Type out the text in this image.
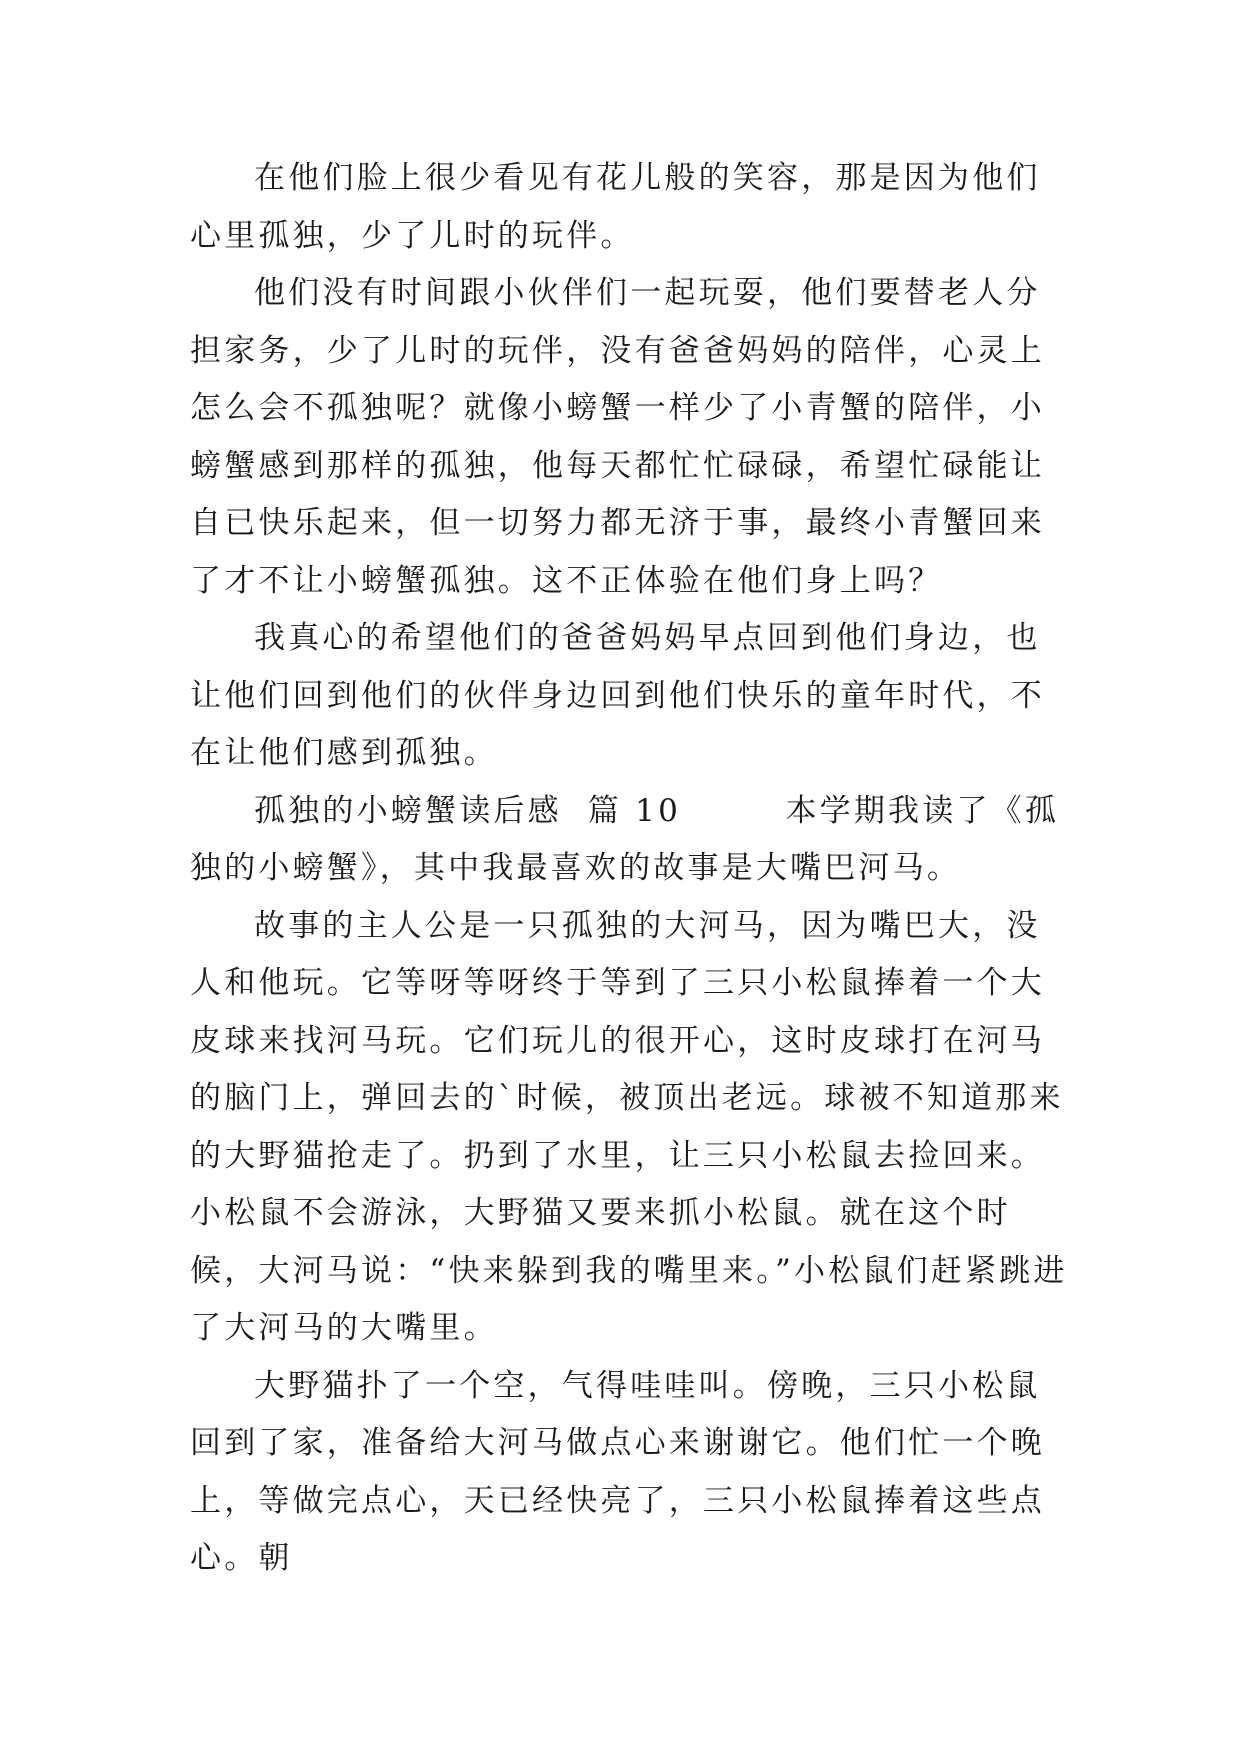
在他们脸上很少看见有花儿般的笑容，那是因为他们心里孤独，少了儿时的玩伴。

他们没有时间跟小伙伴们一起玩耍，他们要替老人分担家务，少了儿时的玩伴，没有爸爸妈妈的陪伴，心灵上怎么会不孤独呢？就像小螃蟹一样少了小青蟹的陪伴，小螃蟹感到那样的孤独，他每天都忙忙碌碌，希望忙碌能让自已快乐起来，但一切努力都无济于事，最终小青蟹回来了才不让小螃蟹孤独。这不正体验在他们身上吗？

我真心的希望他们的爸爸妈妈早点回到他们身边，也让他们回到他们的伙伴身边回到他们快乐的童年时代，不在让他们感到孤独。

孤独的小螃蟹读后感  篇 10        本学期我读了《孤独的小螃蟹》，其中我最喜欢的故事是大嘴巴河马。

故事的主人公是一只孤独的大河马，因为嘴巴大，没人和他玩。它等呀等呀终于等到了三只小松鼠捧着一个大皮球来找河马玩。它们玩儿的很开心，这时皮球打在河马的脑门上，弹回去的`时候，被顶出老远。球被不知道那来的大野猫抢走了。扔到了水里，让三只小松鼠去捡回来。小松鼠不会游泳，大野猫又要来抓小松鼠。就在这个时候，大河马说：“快来躲到我的嘴里来。”小松鼠们赶紧跳进了大河马的大嘴里。

大野猫扑了一个空，气得哇哇叫。傍晚，三只小松鼠回到了家，准备给大河马做点心来谢谢它。他们忙一个晚上，等做完点心，天已经快亮了，三只小松鼠捧着这些点心。朝
